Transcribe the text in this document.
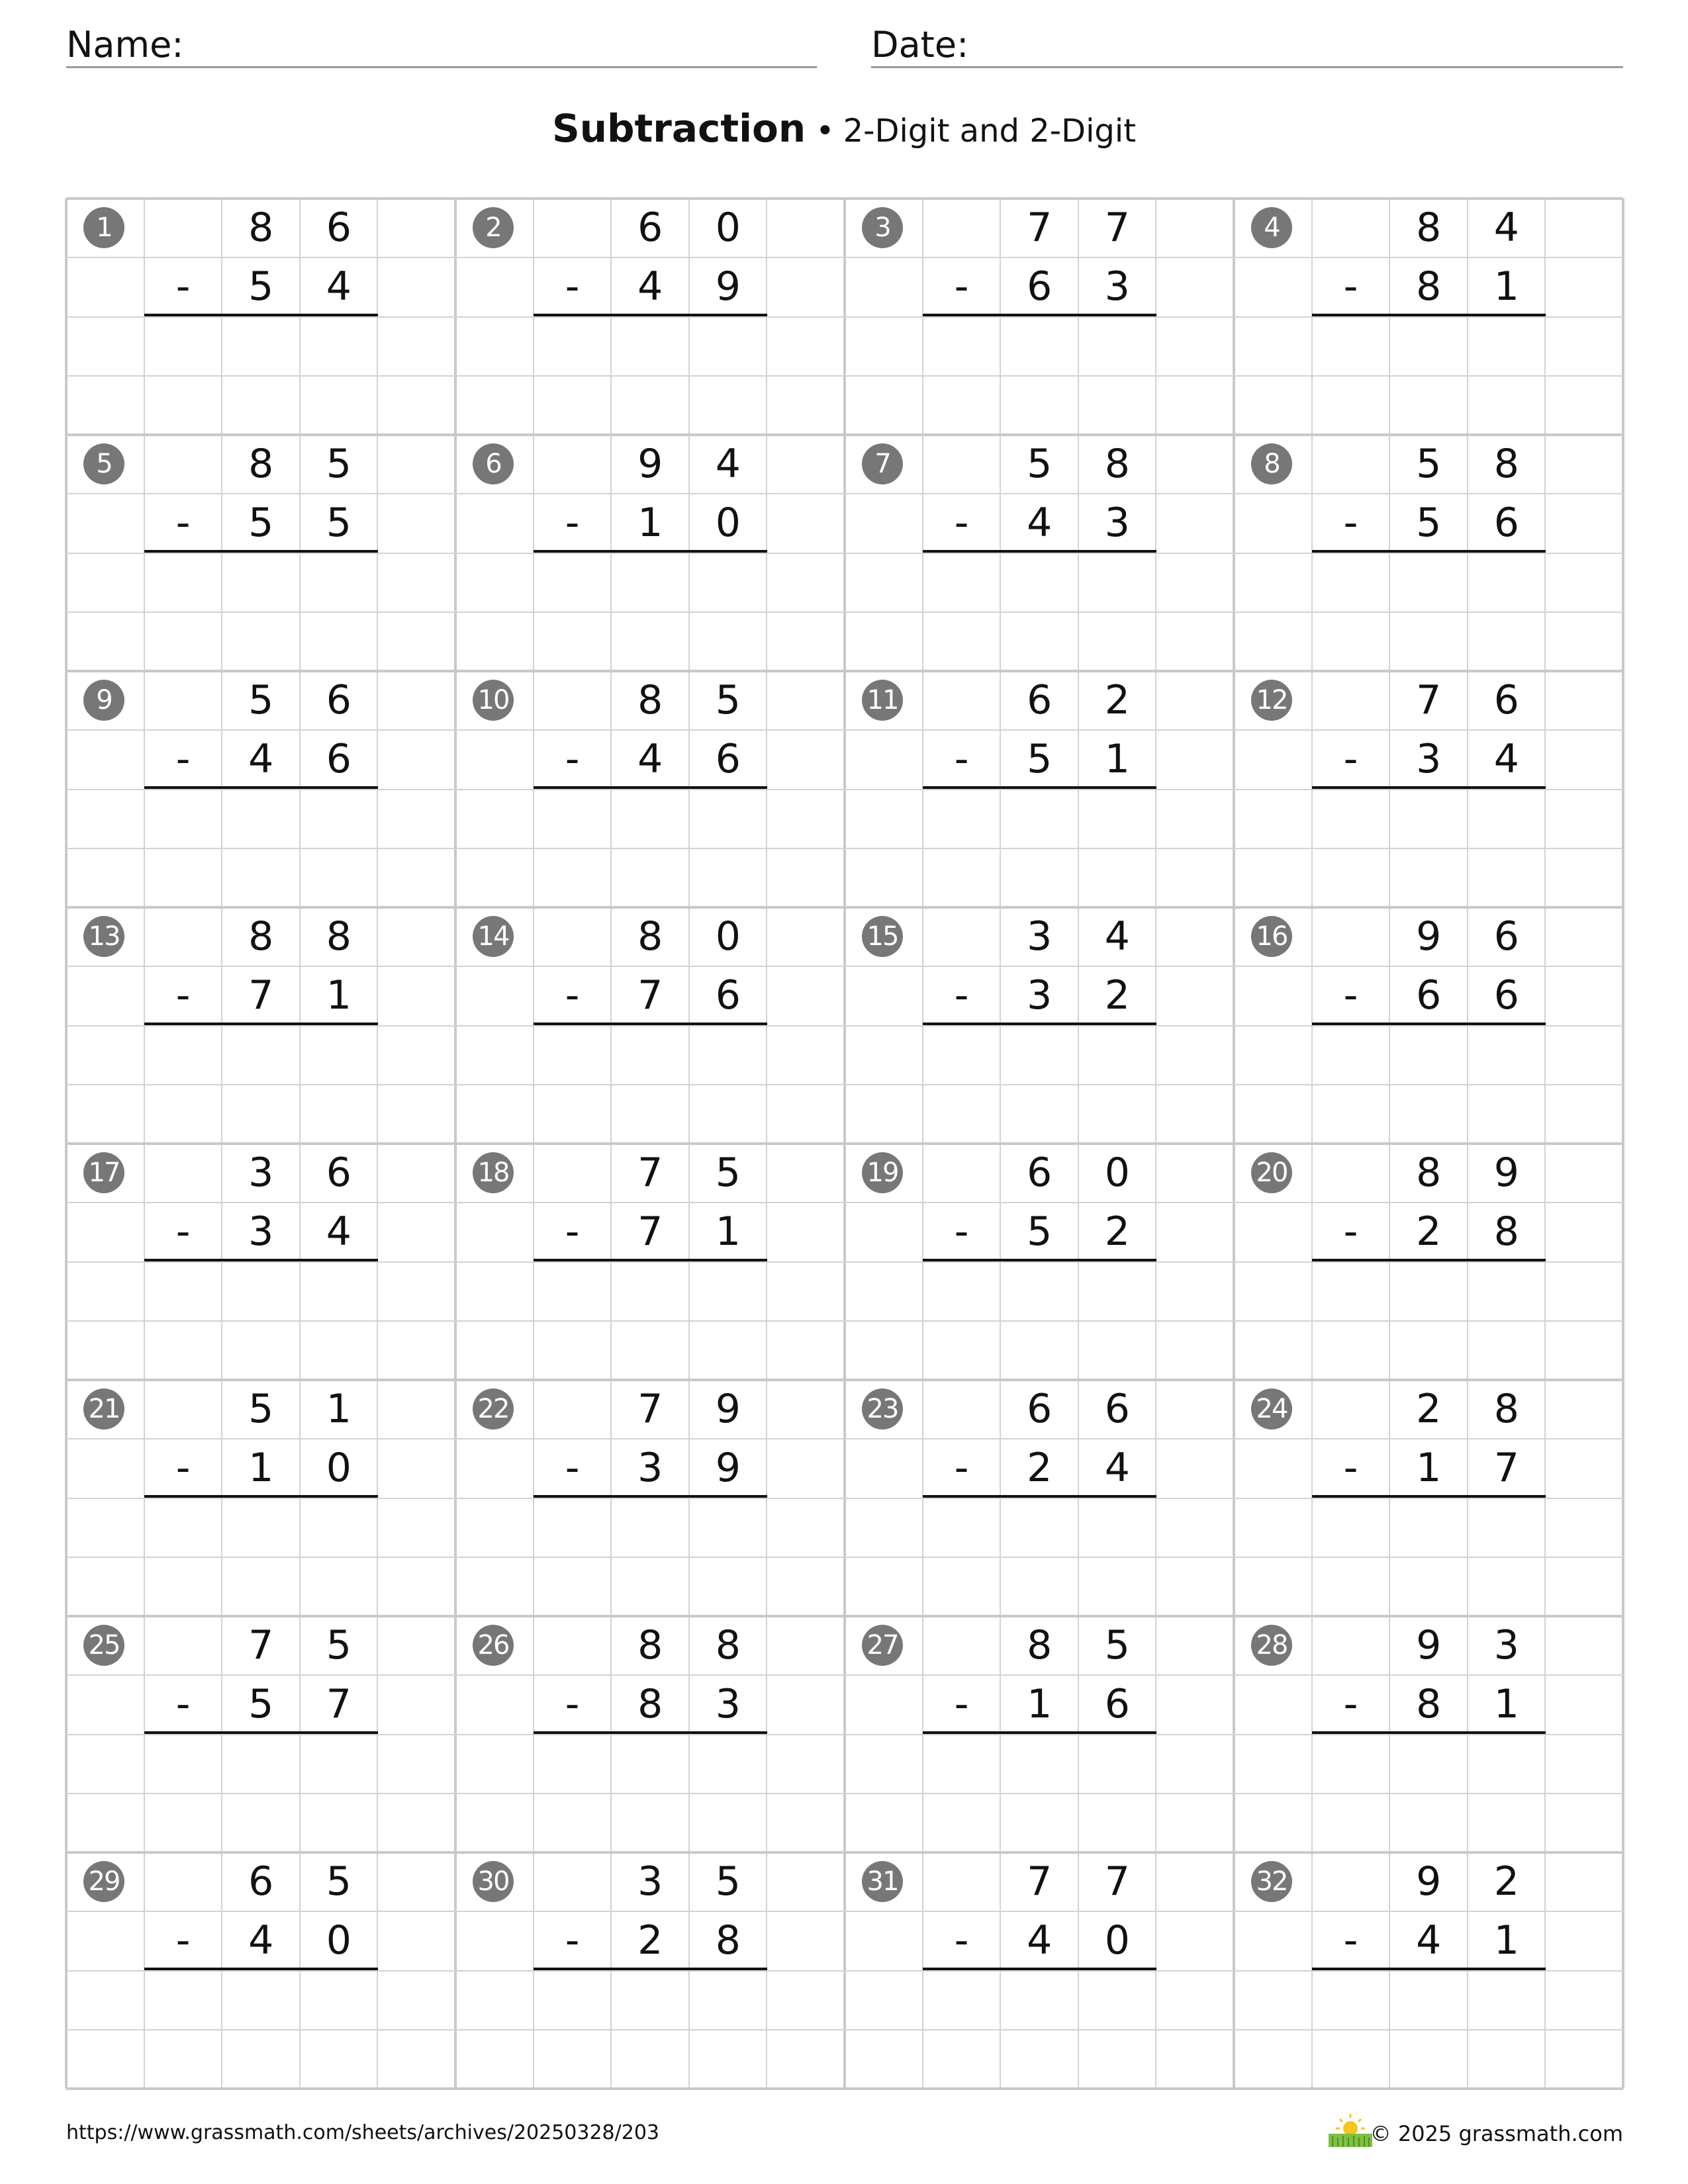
Name:	Date:
Subtraction • 2-Digit and 2-Digit
1	8	6
-	5	4
2	6	0
-	4	9
3	7	7
-	6	3
4	8	4
-	8	1
5	8	5
-	5	5
6	9	4
-	1	0
7	5	8
-	4	3
8	5	8
-	5	6
9	5	6
-	4	6
10	8	5
-	4	6
11	6	2
-	5	1
12	7	6
-	3	4
13	8	8
-	7	1
14	8	0
-	7	6
15	3	4
-	3	2
16	9	6
-	6	6
17	3	6
-	3	4
18	7	5
-	7	1
19	6	0
-	5	2
20	8	9
-	2	8
21	5	1
-	1	0
22	7	9
-	3	9
23	6	6
-	2	4
24	2	8
-	1	7
25	7	5
-	5	7
26	8	8
-	8	3
27	8	5
-	1	6
28	9	3
-	8	1
29	6	5
-	4	0
30	3	5
-	2	8
31	7	7
-	4	0
32	9	2
-	4	1
https://www.grassmath.com/sheets/archives/20250328/203	© 2025 grassmath.com
